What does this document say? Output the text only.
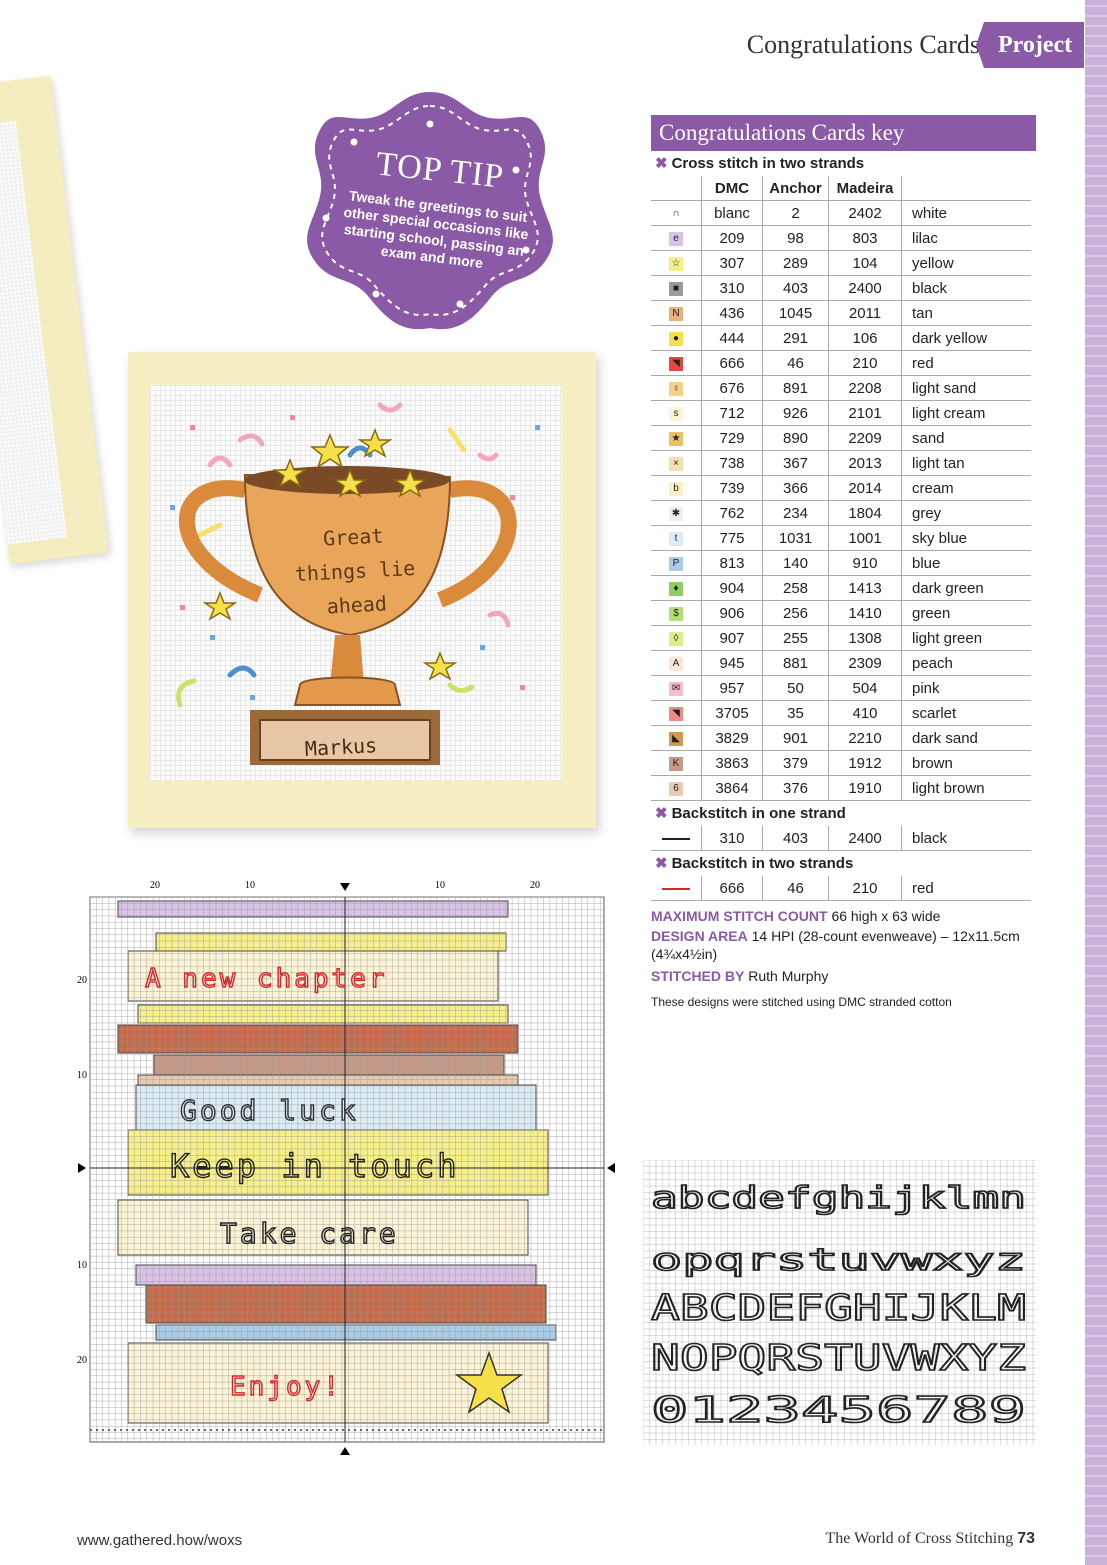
Congratulations Cards Project
TOP TIP
Tweak the greetings to suit other special occasions like starting school, passing an exam and more
Great
things lie
ahead
Markus
Congratulations Cards key
✖ Cross stitch in two strands
	DMC	Anchor	Madeira	
∩	blanc	2	2402	white
e	209	98	803	lilac
☆	307	289	104	yellow
■	310	403	2400	black
N	436	1045	2011	tan
●	444	291	106	dark yellow
◥	666	46	210	red
♀	676	891	2208	light sand
s	712	926	2101	light cream
★	729	890	2209	sand
×	738	367	2013	light tan
b	739	366	2014	cream
✱	762	234	1804	grey
t	775	1031	1001	sky blue
P	813	140	910	blue
♦	904	258	1413	dark green
$	906	256	1410	green
◊	907	255	1308	light green
A	945	881	2309	peach
✉	957	50	504	pink
◥	3705	35	410	scarlet
◣	3829	901	2210	dark sand
K	3863	379	1912	brown
6	3864	376	1910	light brown
✖ Backstitch in one strand
	310	403	2400	black
✖ Backstitch in two strands
	666	46	210	red
MAXIMUM STITCH COUNT 66 high x 63 wide
DESIGN AREA 14 HPI (28-count evenweave) – 12x11.5cm (4¾x4½in)
STITCHED BY Ruth Murphy
These designs were stitched using DMC stranded cotton
20	10	10	20
20
10
10
20
A new chapter
Good luck
Keep in touch
Take care
Enjoy!
abcdefghijklmn
opqrstuvwxyz
ABCDEFGHIJKLM
NOPQRSTUVWXYZ
0123456789
www.gathered.how/woxs	The World of Cross Stitching 73
